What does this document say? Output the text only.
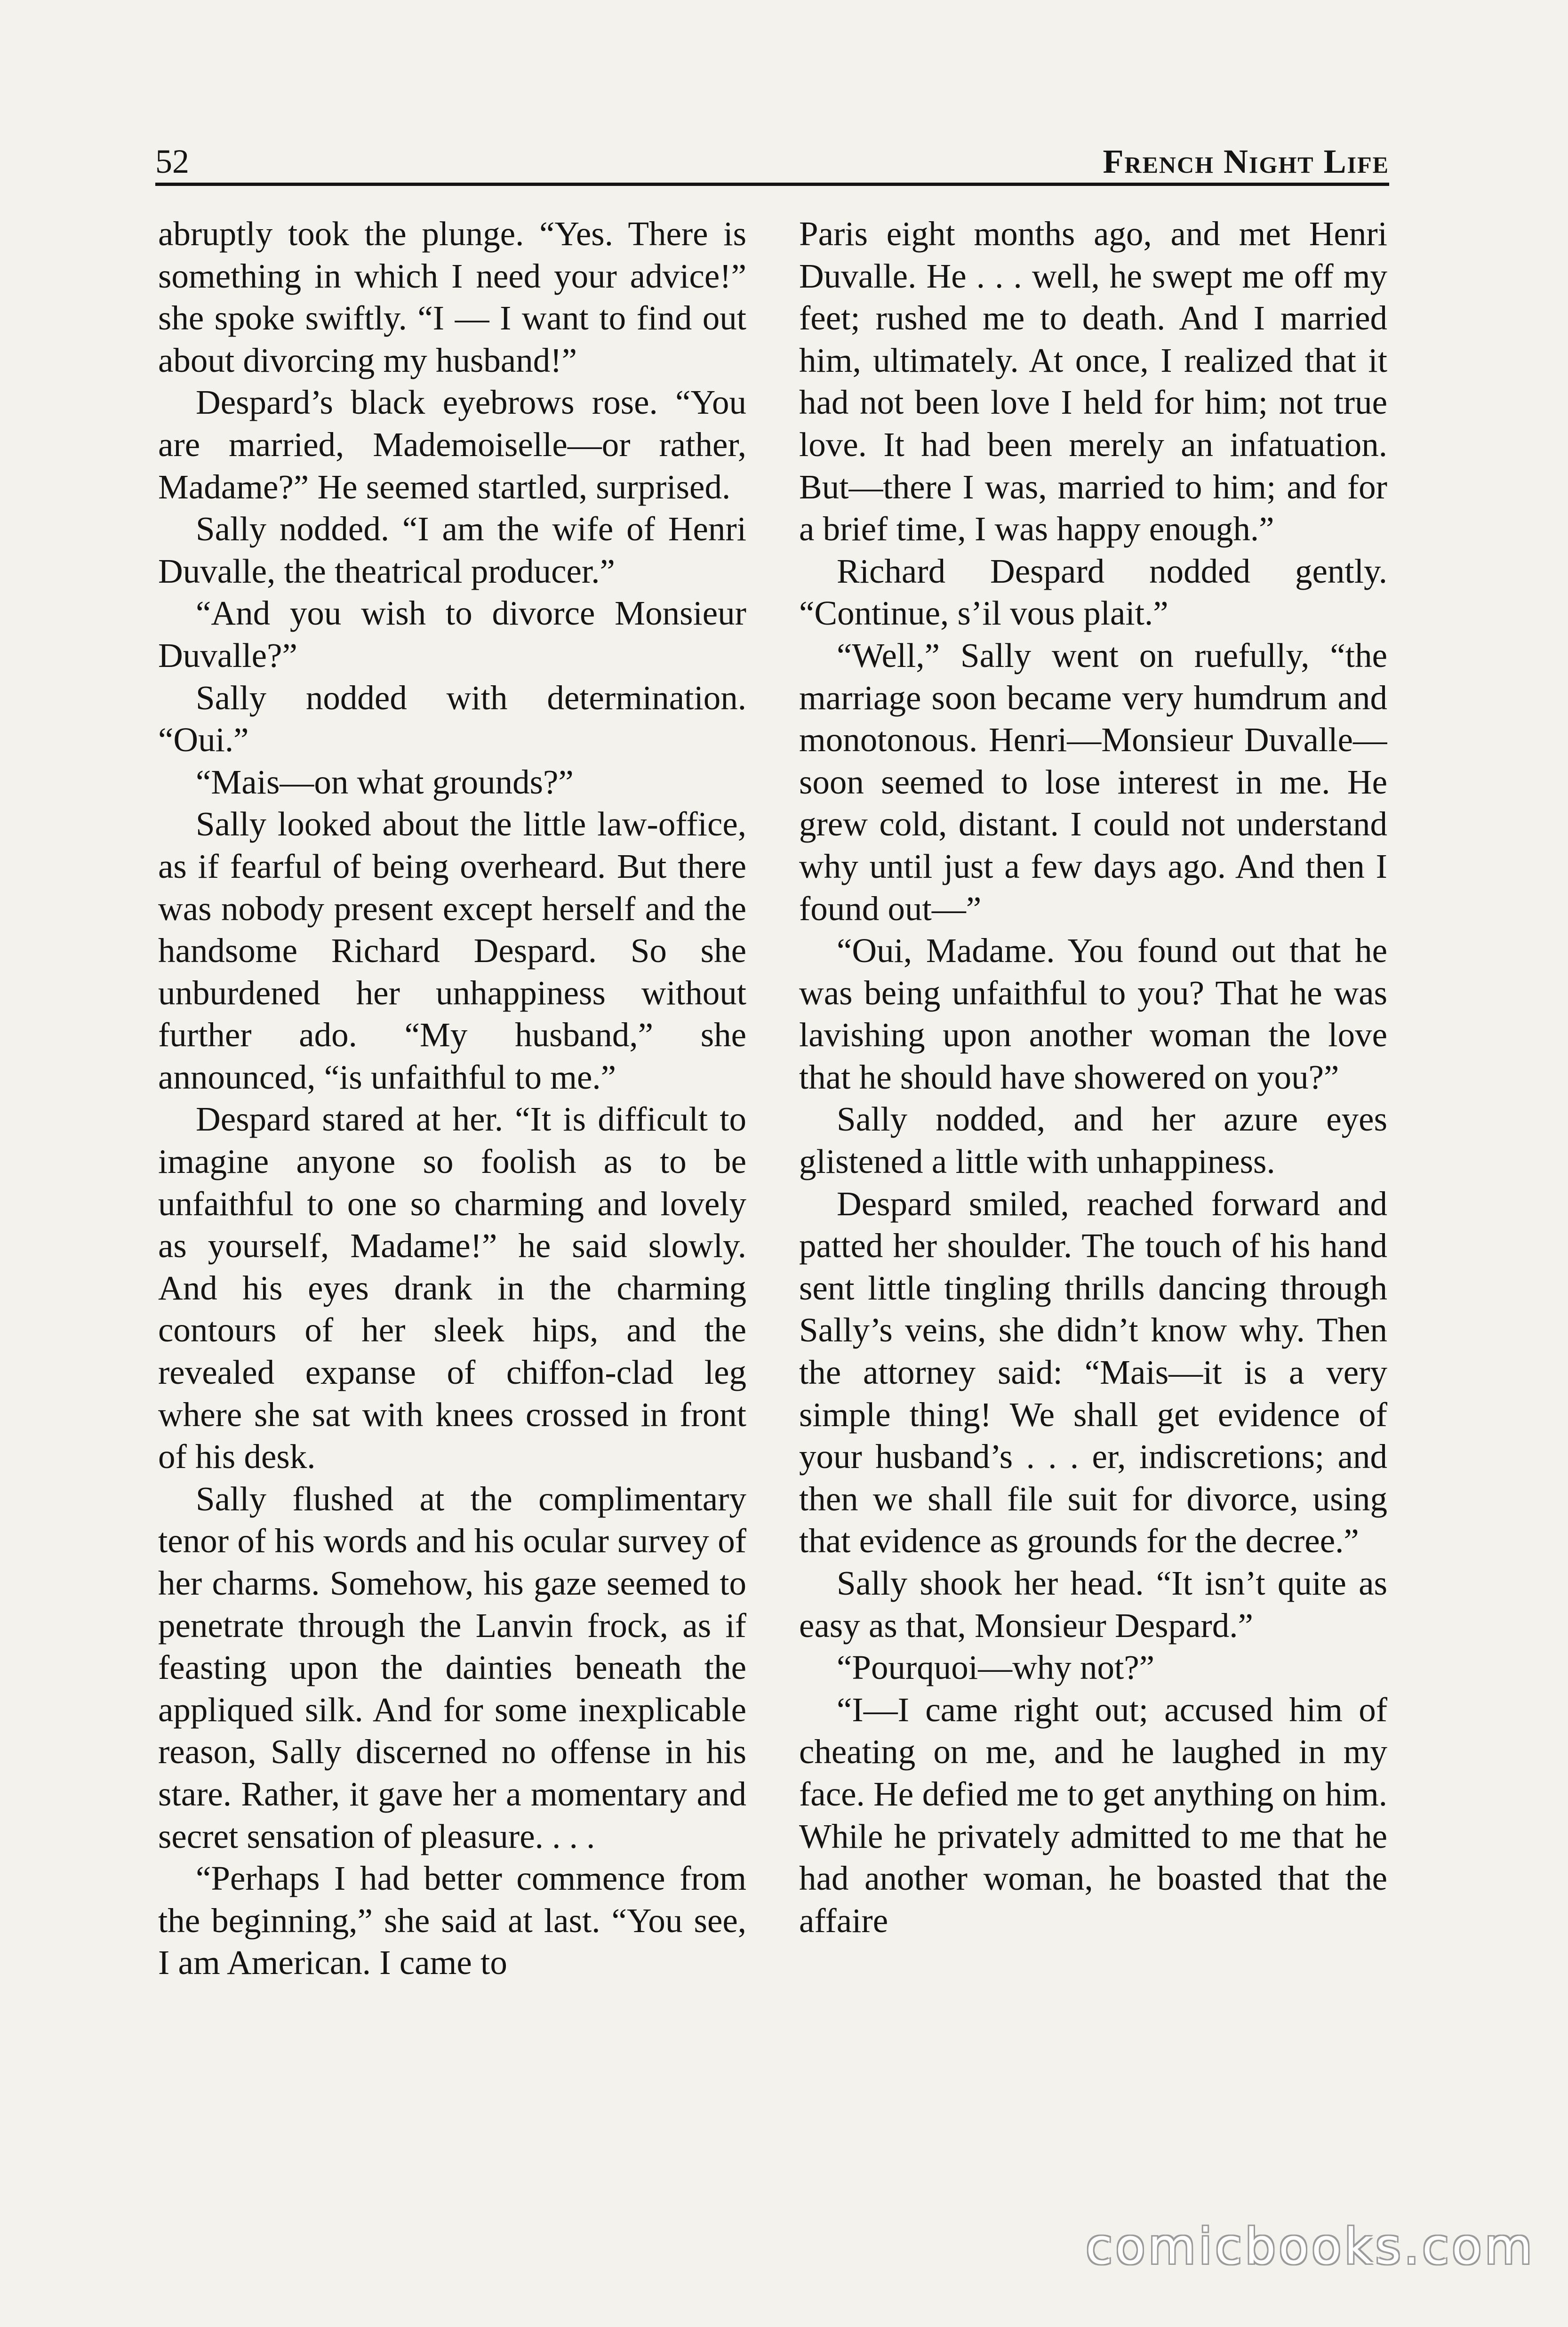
52	French Night Life

abruptly took the plunge. “Yes. There is something in which I need your advice!” she spoke swiftly. “I — I want to find out about divorcing my husband!”

Despard’s black eyebrows rose. “You are married, Mademoiselle—or rather, Madame?” He seemed startled, surprised.

Sally nodded. “I am the wife of Henri Duvalle, the theatrical producer.”

“And you wish to divorce Monsieur Duvalle?”

Sally nodded with determination. “Oui.”

“Mais—on what grounds?”

Sally looked about the little law-office, as if fearful of being overheard. But there was nobody present except herself and the handsome Richard Despard. So she unburdened her unhappiness without further ado. “My husband,” she announced, “is unfaithful to me.”

Despard stared at her. “It is difficult to imagine anyone so foolish as to be unfaithful to one so charming and lovely as yourself, Madame!” he said slowly. And his eyes drank in the charming contours of her sleek hips, and the revealed expanse of chiffon-clad leg where she sat with knees crossed in front of his desk.

Sally flushed at the complimentary tenor of his words and his ocular survey of her charms. Somehow, his gaze seemed to penetrate through the Lanvin frock, as if feasting upon the dainties beneath the appliqued silk. And for some inexplicable reason, Sally discerned no offense in his stare. Rather, it gave her a momentary and secret sensation of pleasure. . . .

“Perhaps I had better commence from the beginning,” she said at last. “You see, I am American. I came to

Paris eight months ago, and met Henri Duvalle. He . . . well, he swept me off my feet; rushed me to death. And I married him, ultimately. At once, I realized that it had not been love I held for him; not true love. It had been merely an infatuation. But—there I was, married to him; and for a brief time, I was happy enough.”

Richard Despard nodded gently. “Continue, s’il vous plait.”

“Well,” Sally went on ruefully, “the marriage soon became very humdrum and monotonous. Henri—Monsieur Duvalle—soon seemed to lose interest in me. He grew cold, distant. I could not understand why until just a few days ago. And then I found out—”

“Oui, Madame. You found out that he was being unfaithful to you? That he was lavishing upon another woman the love that he should have showered on you?”

Sally nodded, and her azure eyes glistened a little with unhappiness.

Despard smiled, reached forward and patted her shoulder. The touch of his hand sent little tingling thrills dancing through Sally’s veins, she didn’t know why. Then the attorney said: “Mais—it is a very simple thing! We shall get evidence of your husband’s . . . er, indiscretions; and then we shall file suit for divorce, using that evidence as grounds for the decree.”

Sally shook her head. “It isn’t quite as easy as that, Monsieur Despard.”

“Pourquoi—why not?”

“I—I came right out; accused him of cheating on me, and he laughed in my face. He defied me to get anything on him. While he privately admitted to me that he had another woman, he boasted that the affaire

comicbooks.com
